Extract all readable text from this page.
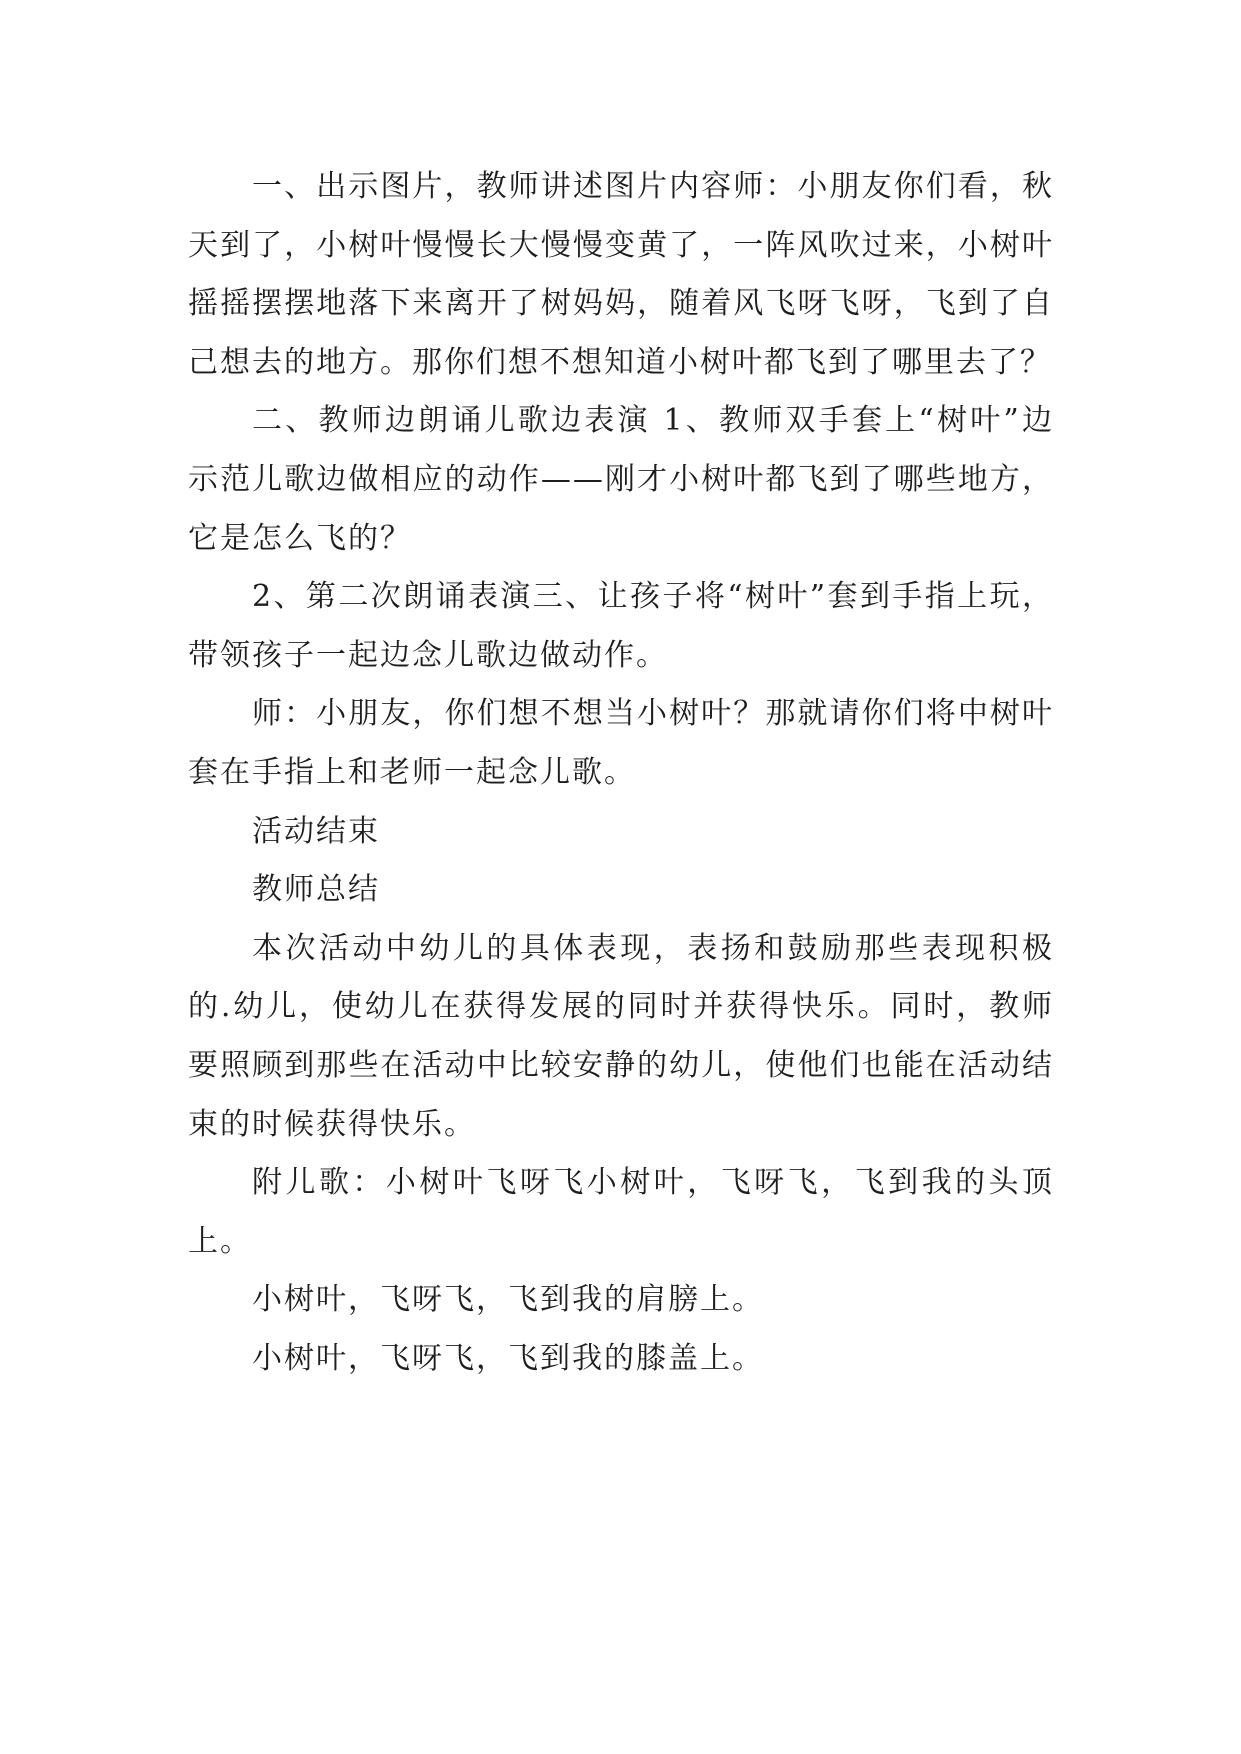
一、出示图片，教师讲述图片内容师：小朋友你们看，秋天到了，小树叶慢慢长大慢慢变黄了，一阵风吹过来，小树叶摇摇摆摆地落下来离开了树妈妈，随着风飞呀飞呀，飞到了自己想去的地方。那你们想不想知道小树叶都飞到了哪里去了？

二、教师边朗诵儿歌边表演 1、教师双手套上“树叶”边示范儿歌边做相应的动作——刚才小树叶都飞到了哪些地方，它是怎么飞的？

2、第二次朗诵表演三、让孩子将“树叶”套到手指上玩，带领孩子一起边念儿歌边做动作。

师：小朋友，你们想不想当小树叶？那就请你们将中树叶套在手指上和老师一起念儿歌。

活动结束

教师总结

本次活动中幼儿的具体表现，表扬和鼓励那些表现积极的.幼儿，使幼儿在获得发展的同时并获得快乐。同时，教师要照顾到那些在活动中比较安静的幼儿，使他们也能在活动结束的时候获得快乐。

附儿歌：小树叶飞呀飞小树叶，飞呀飞，飞到我的头顶上。

小树叶，飞呀飞，飞到我的肩膀上。

小树叶，飞呀飞，飞到我的膝盖上。
